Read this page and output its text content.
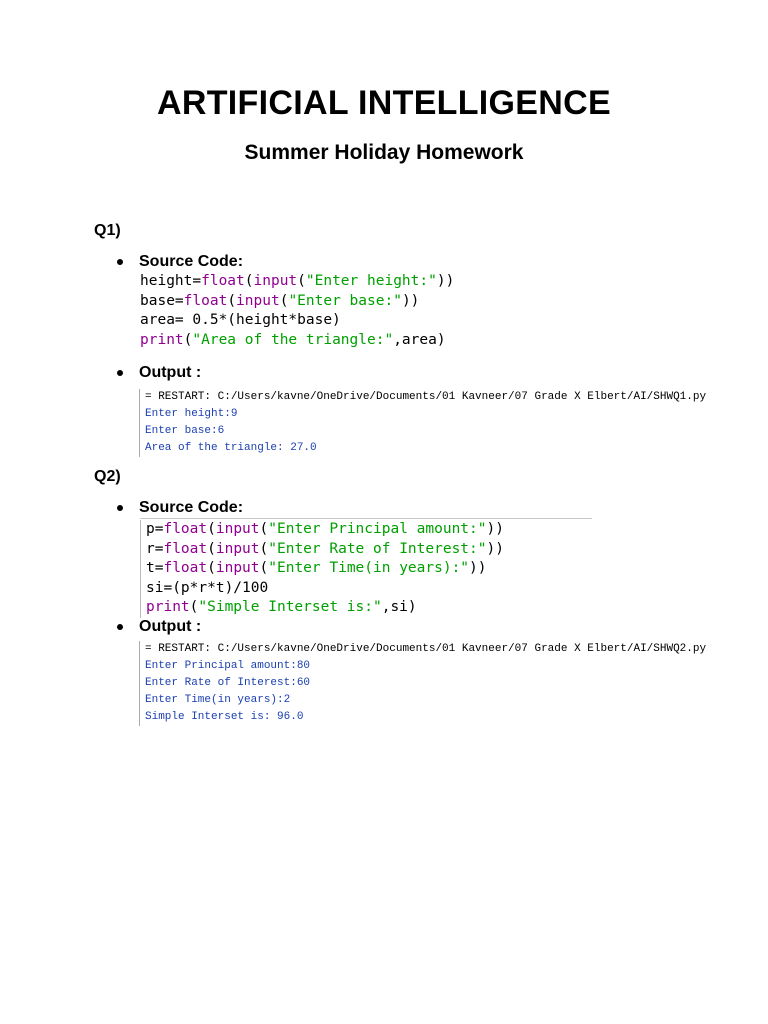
ARTIFICIAL INTELLIGENCE
Summer Holiday Homework
Q1)
Source Code:
height=float(input("Enter height:"))
base=float(input("Enter base:"))
area= 0.5*(height*base)
print("Area of the triangle:",area)
Output :
= RESTART: C:/Users/kavne/OneDrive/Documents/01 Kavneer/07 Grade X Elbert/AI/SHWQ1.py
Enter height:9
Enter base:6
Area of the triangle: 27.0
Q2)
Source Code:
p=float(input("Enter Principal amount:"))
r=float(input("Enter Rate of Interest:"))
t=float(input("Enter Time(in years):"))
si=(p*r*t)/100
print("Simple Interset is:",si)
Output :
= RESTART: C:/Users/kavne/OneDrive/Documents/01 Kavneer/07 Grade X Elbert/AI/SHWQ2.py
Enter Principal amount:80
Enter Rate of Interest:60
Enter Time(in years):2
Simple Interset is: 96.0
